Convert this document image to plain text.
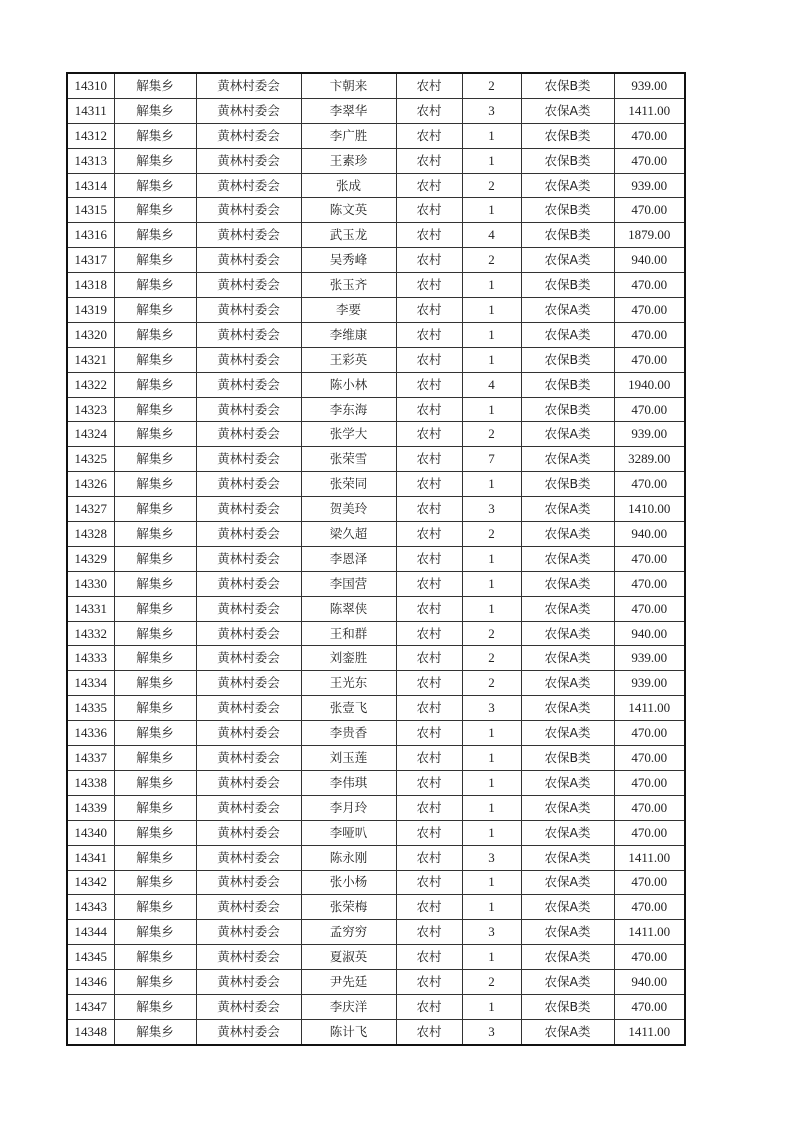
14310	解集乡	黄林村委会	卞朝来	农村	2	农保B类	939.00
14311	解集乡	黄林村委会	李翠华	农村	3	农保A类	1411.00
14312	解集乡	黄林村委会	李广胜	农村	1	农保B类	470.00
14313	解集乡	黄林村委会	王素珍	农村	1	农保B类	470.00
14314	解集乡	黄林村委会	张成	农村	2	农保A类	939.00
14315	解集乡	黄林村委会	陈文英	农村	1	农保B类	470.00
14316	解集乡	黄林村委会	武玉龙	农村	4	农保B类	1879.00
14317	解集乡	黄林村委会	吴秀峰	农村	2	农保A类	940.00
14318	解集乡	黄林村委会	张玉齐	农村	1	农保B类	470.00
14319	解集乡	黄林村委会	李要	农村	1	农保A类	470.00
14320	解集乡	黄林村委会	李维康	农村	1	农保A类	470.00
14321	解集乡	黄林村委会	王彩英	农村	1	农保B类	470.00
14322	解集乡	黄林村委会	陈小林	农村	4	农保B类	1940.00
14323	解集乡	黄林村委会	李东海	农村	1	农保B类	470.00
14324	解集乡	黄林村委会	张学大	农村	2	农保A类	939.00
14325	解集乡	黄林村委会	张荣雪	农村	7	农保A类	3289.00
14326	解集乡	黄林村委会	张荣同	农村	1	农保B类	470.00
14327	解集乡	黄林村委会	贺美玲	农村	3	农保A类	1410.00
14328	解集乡	黄林村委会	梁久超	农村	2	农保A类	940.00
14329	解集乡	黄林村委会	李恩泽	农村	1	农保A类	470.00
14330	解集乡	黄林村委会	李国营	农村	1	农保A类	470.00
14331	解集乡	黄林村委会	陈翠侠	农村	1	农保A类	470.00
14332	解集乡	黄林村委会	王和群	农村	2	农保A类	940.00
14333	解集乡	黄林村委会	刘銮胜	农村	2	农保A类	939.00
14334	解集乡	黄林村委会	王光东	农村	2	农保A类	939.00
14335	解集乡	黄林村委会	张壹飞	农村	3	农保A类	1411.00
14336	解集乡	黄林村委会	李贵香	农村	1	农保A类	470.00
14337	解集乡	黄林村委会	刘玉莲	农村	1	农保B类	470.00
14338	解集乡	黄林村委会	李伟琪	农村	1	农保A类	470.00
14339	解集乡	黄林村委会	李月玲	农村	1	农保A类	470.00
14340	解集乡	黄林村委会	李哑叭	农村	1	农保A类	470.00
14341	解集乡	黄林村委会	陈永刚	农村	3	农保A类	1411.00
14342	解集乡	黄林村委会	张小杨	农村	1	农保A类	470.00
14343	解集乡	黄林村委会	张荣梅	农村	1	农保A类	470.00
14344	解集乡	黄林村委会	孟穷穷	农村	3	农保A类	1411.00
14345	解集乡	黄林村委会	夏淑英	农村	1	农保A类	470.00
14346	解集乡	黄林村委会	尹先廷	农村	2	农保A类	940.00
14347	解集乡	黄林村委会	李庆洋	农村	1	农保B类	470.00
14348	解集乡	黄林村委会	陈计飞	农村	3	农保A类	1411.00
